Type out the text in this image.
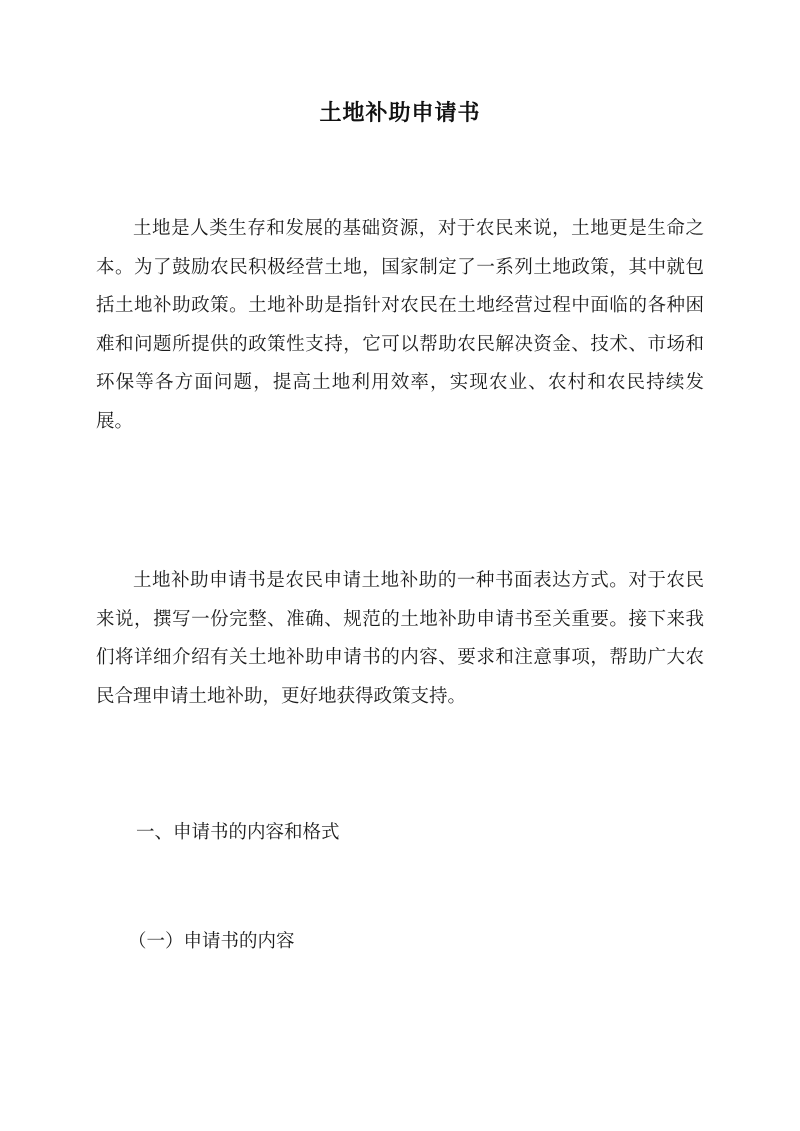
土地补助申请书
土地是人类生存和发展的基础资源，对于农民来说，土地更是生命之本。为了鼓励农民积极经营土地，国家制定了一系列土地政策，其中就包括土地补助政策。土地补助是指针对农民在土地经营过程中面临的各种困难和问题所提供的政策性支持，它可以帮助农民解决资金、技术、市场和环保等各方面问题，提高土地利用效率，实现农业、农村和农民持续发展。
土地补助申请书是农民申请土地补助的一种书面表达方式。对于农民来说，撰写一份完整、准确、规范的土地补助申请书至关重要。接下来我们将详细介绍有关土地补助申请书的内容、要求和注意事项，帮助广大农民合理申请土地补助，更好地获得政策支持。
一、申请书的内容和格式
（一）申请书的内容
